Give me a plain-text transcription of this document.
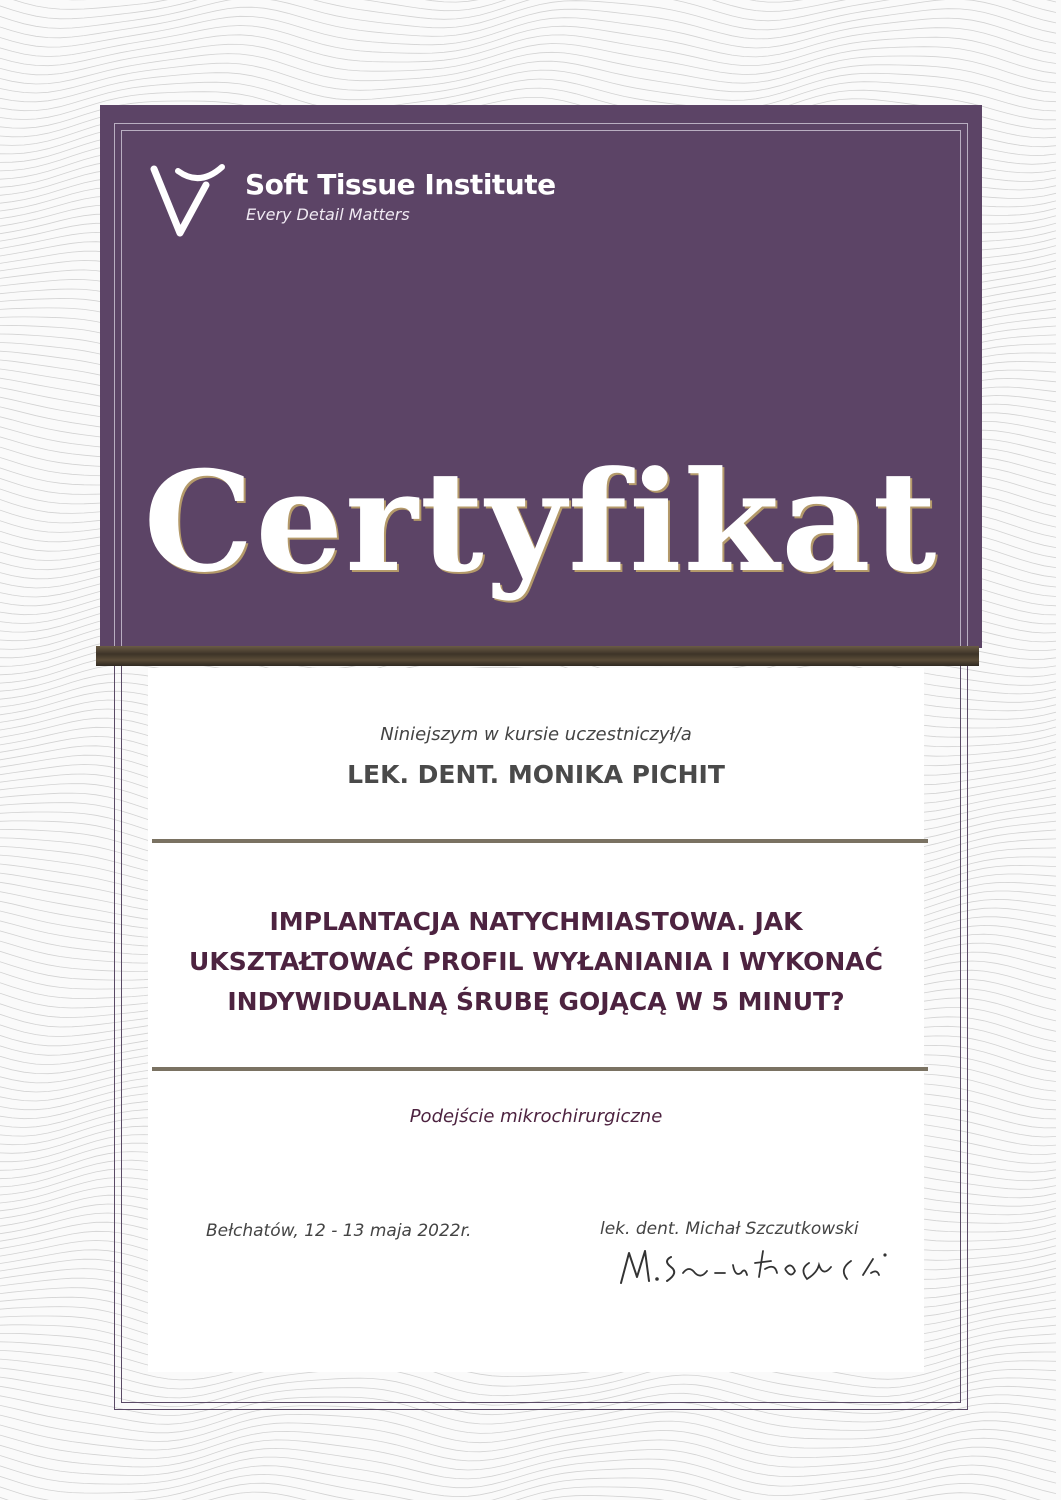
Soft Tissue Institute
Every Detail Matters
Certyfikat
Niniejszym w kursie uczestniczył/a
LEK. DENT. MONIKA PICHIT
IMPLANTACJA NATYCHMIASTOWA. JAK
UKSZTAŁTOWAĆ PROFIL WYŁANIANIA I WYKONAĆ
INDYWIDUALNĄ ŚRUBĘ GOJĄCĄ W 5 MINUT?
Podejście mikrochirurgiczne
Bełchatów, 12 - 13 maja 2022r.	lek. dent. Michał Szczutkowski
